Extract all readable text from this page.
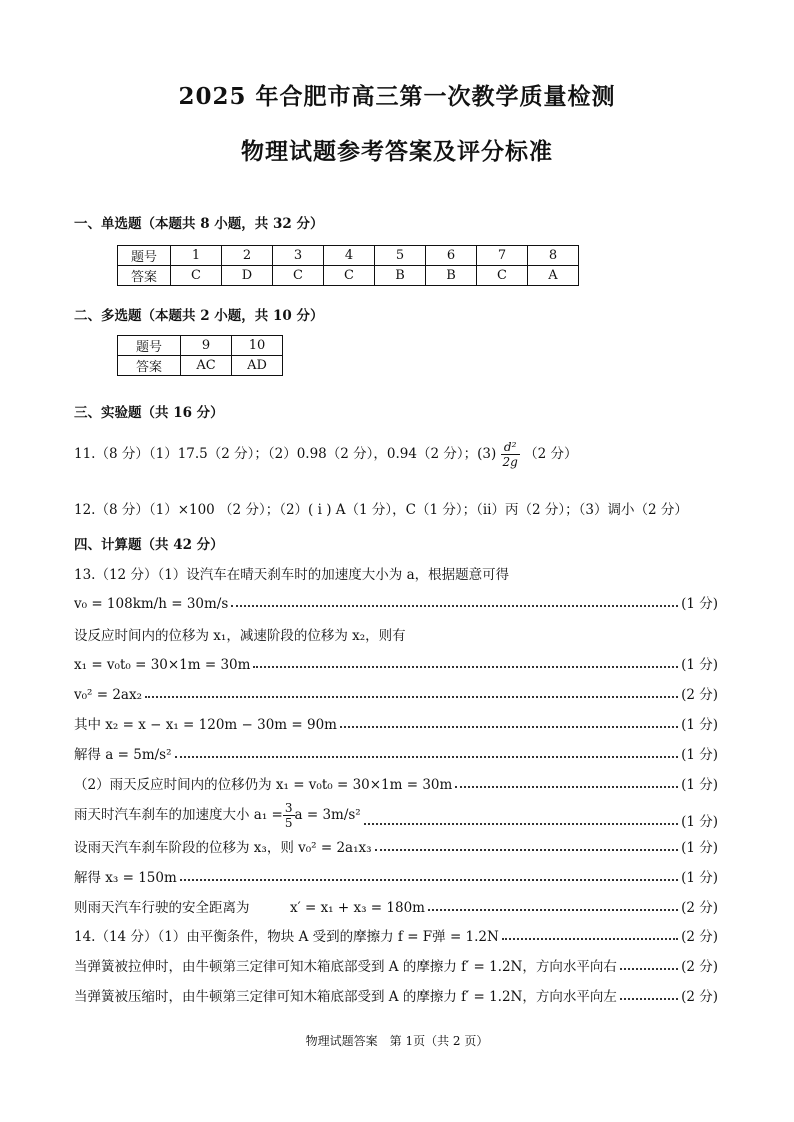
2025 年合肥市高三第一次教学质量检测
物理试题参考答案及评分标准
一、单选题（本题共 8 小题，共 32 分）
题号	1	2	3	4	5	6	7	8
答案	C	D	C	C	B	B	C	A
二、多选题（本题共 2 小题，共 10 分）
题号	9	10
答案	AC	AD
三、实验题（共 16 分）
11.（8 分）（1）17.5（2 分）；（2）0.98（2 分），0.94（2 分）；$(3) \frac{\text{d²}}{2g} (2$ 分）
12.（8 分）（1）×100 （2 分）；（2）( i ) A（1 分），C（1 分）；（ii）丙（2 分）；（3）调小（2 分）
四、计算题（共 42 分）
13.（12 分）（1）设汽车在晴天刹车时的加速度大小为 a，根据题意可得
v₀ = 108km/h = 30m/s	(1 分)
设反应时间内的位移为 x₁，减速阶段的位移为 x₂，则有
x₁ = v₀t₀ = 30×1m = 30m	(1 分)
v₀² = 2ax₂	(2 分)
其中 x₂ = x − x₁ = 120m − 30m = 90m	(1 分)
解得 a = 5m/s²	(1 分)
（2）雨天反应时间内的位移仍为 x₁ = v₀t₀ = 30×1m = 30m	(1 分)
雨天时汽车刹车的加速度大小 $a_1 = \frac{3}{5}$ a = 3m/s²	(1 分)
设雨天汽车刹车阶段的位移为 x₃，则 v₀² = 2a₁x₃	(1 分)
解得 x₃ = 150m	(1 分)
则雨天汽车行驶的安全距离为　　　x′ = x₁ + x₃ = 180m	(2 分)
14.（14 分）（1）由平衡条件，物块 A 受到的摩擦力 f = F弹 = 1.2N	(2 分)
当弹簧被拉伸时，由牛顿第三定律可知木箱底部受到 A 的摩擦力 f′ = 1.2N，方向水平向右	(2 分)
当弹簧被压缩时，由牛顿第三定律可知木箱底部受到 A 的摩擦力 f′ = 1.2N，方向水平向左	(2 分)
物理试题答案　第 1页（共 2 页）
